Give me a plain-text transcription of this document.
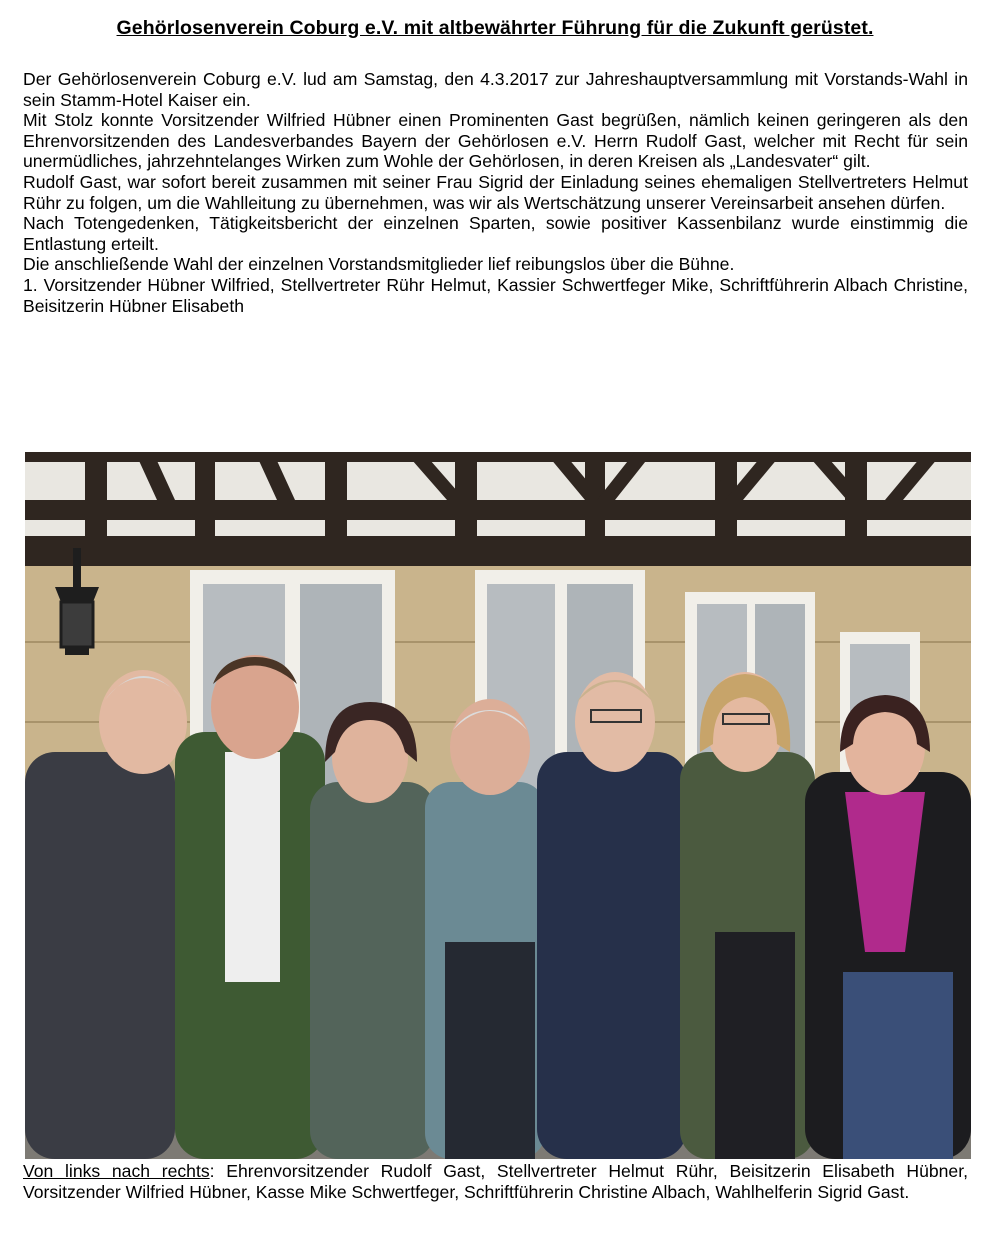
Gehörlosenverein Coburg e.V. mit altbewährter Führung für die Zukunft gerüstet.

Der Gehörlosenverein Coburg e.V. lud am Samstag, den 4.3.2017 zur Jahreshauptversammlung mit Vorstands-Wahl in sein Stamm-Hotel Kaiser ein.

Mit Stolz konnte Vorsitzender Wilfried Hübner einen Prominenten Gast begrüßen, nämlich keinen geringeren als den Ehrenvorsitzenden des Landesverbandes Bayern der Gehörlosen e.V. Herrn Rudolf Gast, welcher mit Recht für sein unermüdliches, jahrzehntelanges Wirken zum Wohle der Gehörlosen, in deren Kreisen als „Landesvater“ gilt.

Rudolf Gast, war sofort bereit zusammen mit seiner Frau Sigrid der Einladung seines ehemaligen Stellvertreters Helmut Rühr zu folgen, um die Wahlleitung zu übernehmen, was wir als Wertschätzung unserer Vereinsarbeit ansehen dürfen.

Nach Totengedenken, Tätigkeitsbericht der einzelnen Sparten, sowie positiver Kassenbilanz wurde einstimmig die Entlastung erteilt.

Die anschließende Wahl der einzelnen Vorstandsmitglieder lief reibungslos über die Bühne.

1. Vorsitzender Hübner Wilfried, Stellvertreter Rühr Helmut, Kassier Schwertfeger Mike, Schriftführerin Albach Christine, Beisitzerin Hübner Elisabeth

Von links nach rechts: Ehrenvorsitzender Rudolf Gast, Stellvertreter Helmut Rühr, Beisitzerin Elisabeth Hübner, Vorsitzender Wilfried Hübner, Kasse Mike Schwertfeger, Schriftführerin Christine Albach, Wahlhelferin Sigrid Gast.
